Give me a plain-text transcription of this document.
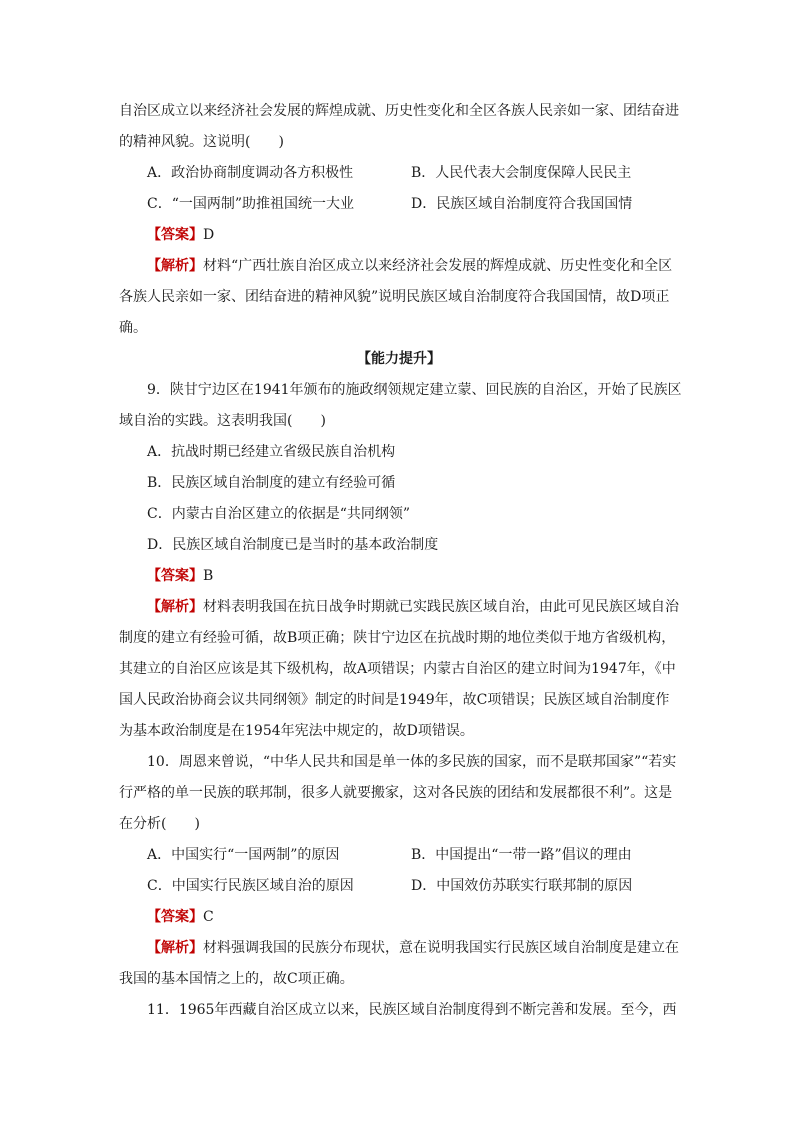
自治区成立以来经济社会发展的辉煌成就、历史性变化和全区各族人民亲如一家、团结奋进
的精神风貌。这说明(　　)
A．政治协商制度调动各方积极性	B．人民代表大会制度保障人民民主
C．“一国两制”助推祖国统一大业	D．民族区域自治制度符合我国国情
【答案】D
【解析】材料“广西壮族自治区成立以来经济社会发展的辉煌成就、历史性变化和全区
各族人民亲如一家、团结奋进的精神风貌”说明民族区域自治制度符合我国国情，故D项正
确。
【能力提升】
9．陕甘宁边区在1941年颁布的施政纲领规定建立蒙、回民族的自治区，开始了民族区
域自治的实践。这表明我国(　　)
A．抗战时期已经建立省级民族自治机构
B．民族区域自治制度的建立有经验可循
C．内蒙古自治区建立的依据是“共同纲领”
D．民族区域自治制度已是当时的基本政治制度
【答案】B
【解析】材料表明我国在抗日战争时期就已实践民族区域自治，由此可见民族区域自治
制度的建立有经验可循，故B项正确；陕甘宁边区在抗战时期的地位类似于地方省级机构，
其建立的自治区应该是其下级机构，故A项错误；内蒙古自治区的建立时间为1947年，《中
国人民政治协商会议共同纲领》制定的时间是1949年，故C项错误；民族区域自治制度作
为基本政治制度是在1954年宪法中规定的，故D项错误。
10．周恩来曾说，“中华人民共和国是单一体的多民族的国家，而不是联邦国家”“若实
行严格的单一民族的联邦制，很多人就要搬家，这对各民族的团结和发展都很不利”。这是
在分析(　　)
A．中国实行“一国两制”的原因	B．中国提出“一带一路”倡议的理由
C．中国实行民族区域自治的原因	D．中国效仿苏联实行联邦制的原因
【答案】C
【解析】材料强调我国的民族分布现状，意在说明我国实行民族区域自治制度是建立在
我国的基本国情之上的，故C项正确。
11．1965年西藏自治区成立以来，民族区域自治制度得到不断完善和发展。至今，西
